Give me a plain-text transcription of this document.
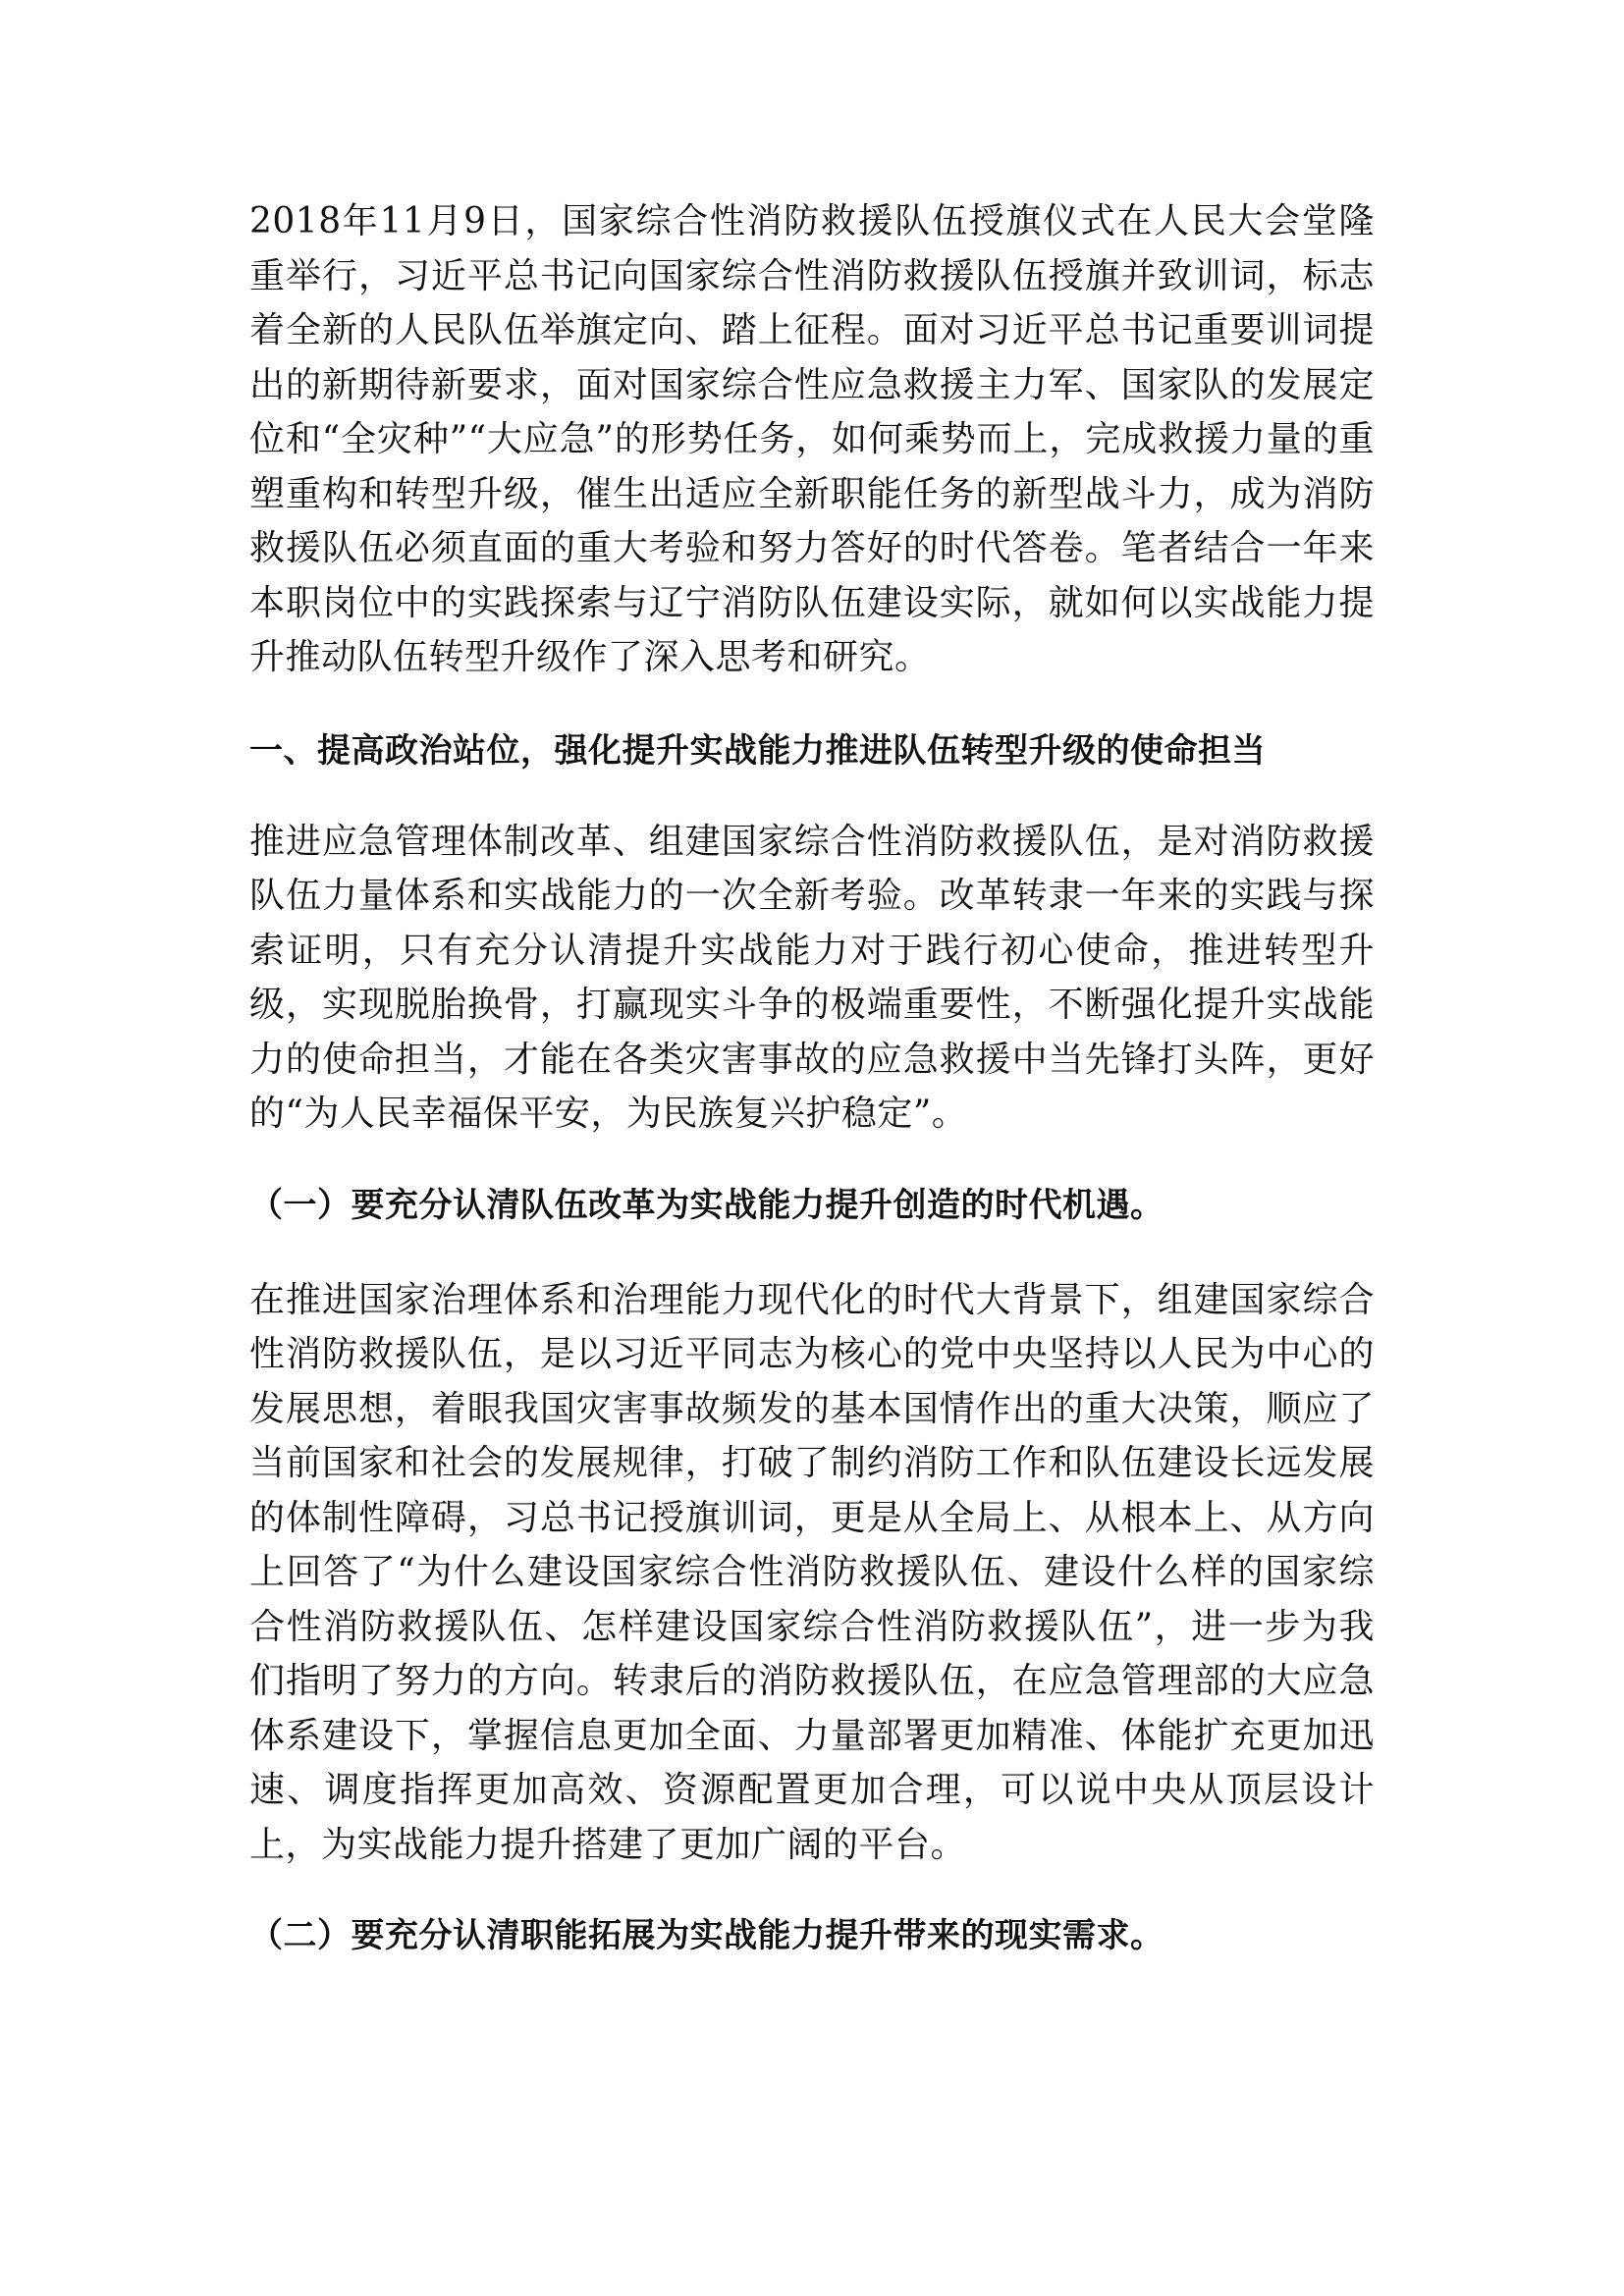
2018年11月9日，国家综合性消防救援队伍授旗仪式在人民大会堂隆重举行，习近平总书记向国家综合性消防救援队伍授旗并致训词，标志着全新的人民队伍举旗定向、踏上征程。面对习近平总书记重要训词提出的新期待新要求，面对国家综合性应急救援主力军、国家队的发展定位和“全灾种”“大应急”的形势任务，如何乘势而上，完成救援力量的重塑重构和转型升级，催生出适应全新职能任务的新型战斗力，成为消防救援队伍必须直面的重大考验和努力答好的时代答卷。笔者结合一年来本职岗位中的实践探索与辽宁消防队伍建设实际，就如何以实战能力提升推动队伍转型升级作了深入思考和研究。

一、提高政治站位，强化提升实战能力推进队伍转型升级的使命担当

推进应急管理体制改革、组建国家综合性消防救援队伍，是对消防救援队伍力量体系和实战能力的一次全新考验。改革转隶一年来的实践与探索证明，只有充分认清提升实战能力对于践行初心使命，推进转型升级，实现脱胎换骨，打赢现实斗争的极端重要性，不断强化提升实战能力的使命担当，才能在各类灾害事故的应急救援中当先锋打头阵，更好的“为人民幸福保平安，为民族复兴护稳定”。

（一）要充分认清队伍改革为实战能力提升创造的时代机遇。

在推进国家治理体系和治理能力现代化的时代大背景下，组建国家综合性消防救援队伍，是以习近平同志为核心的党中央坚持以人民为中心的发展思想，着眼我国灾害事故频发的基本国情作出的重大决策，顺应了当前国家和社会的发展规律，打破了制约消防工作和队伍建设长远发展的体制性障碍，习总书记授旗训词，更是从全局上、从根本上、从方向上回答了“为什么建设国家综合性消防救援队伍、建设什么样的国家综合性消防救援队伍、怎样建设国家综合性消防救援队伍”，进一步为我们指明了努力的方向。转隶后的消防救援队伍，在应急管理部的大应急体系建设下，掌握信息更加全面、力量部署更加精准、体能扩充更加迅速、调度指挥更加高效、资源配置更加合理，可以说中央从顶层设计上，为实战能力提升搭建了更加广阔的平台。

（二）要充分认清职能拓展为实战能力提升带来的现实需求。
